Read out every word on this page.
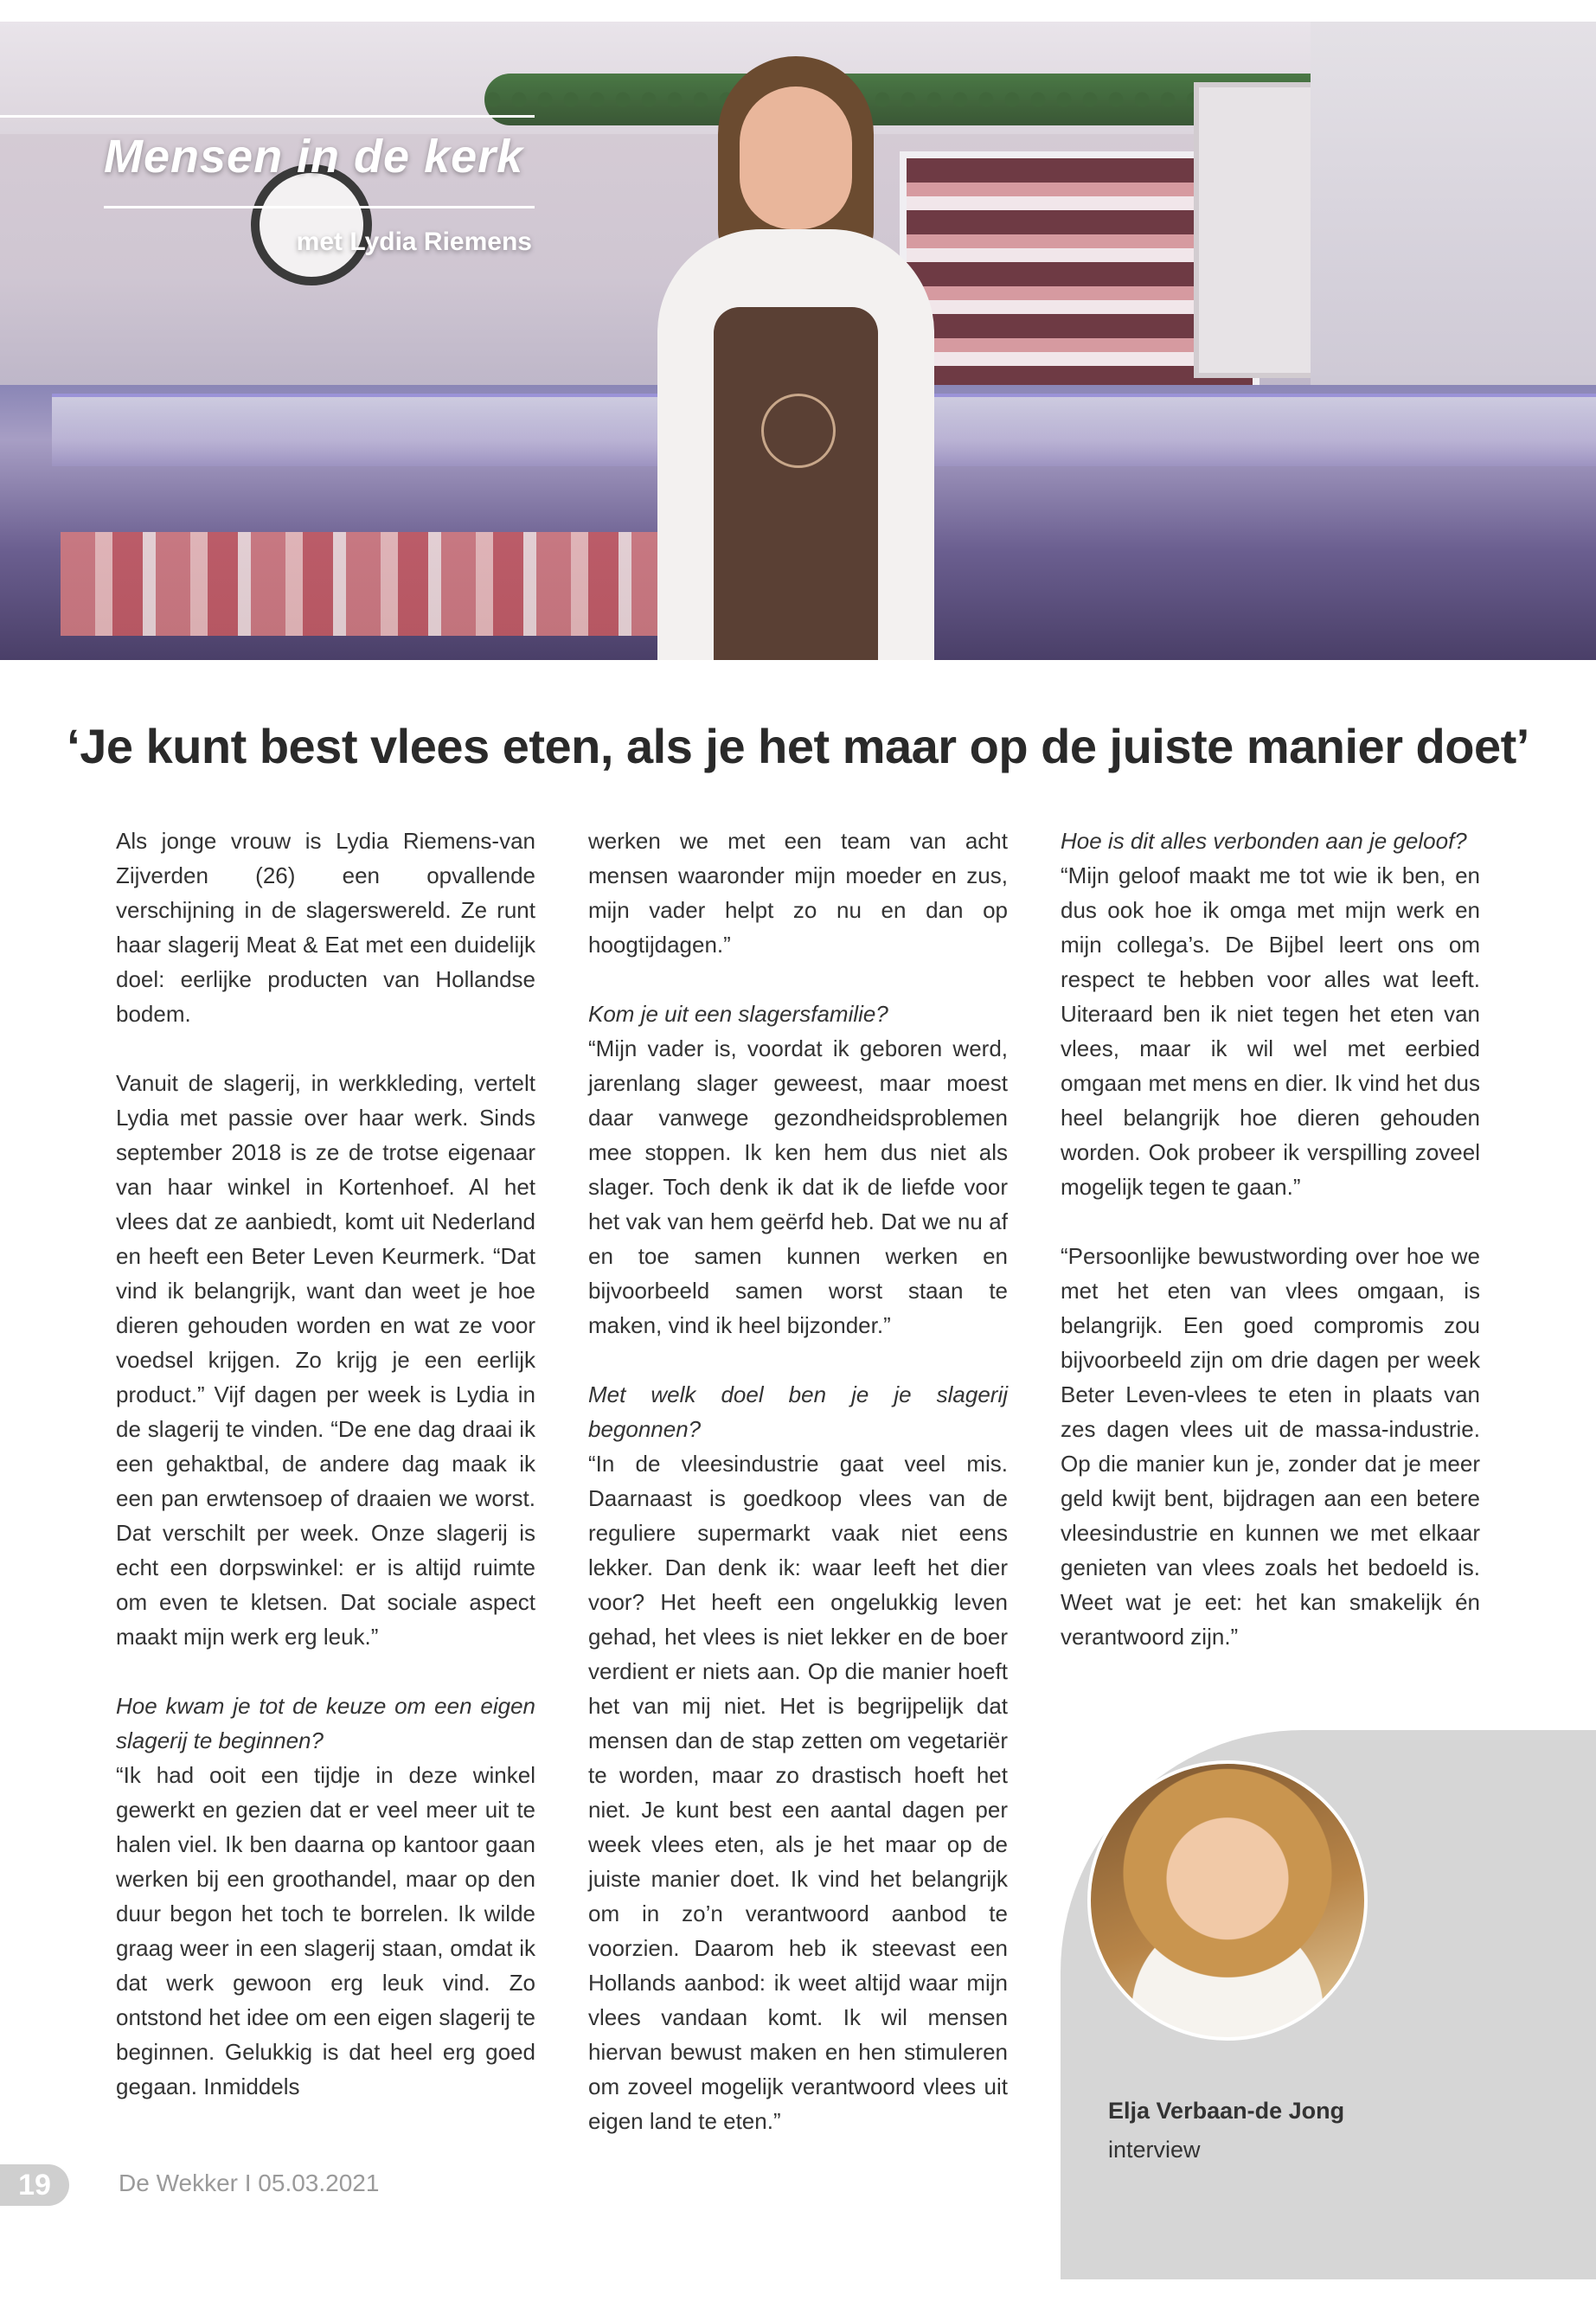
Mensen in de kerk
met Lydia Riemens
‘Je kunt best vlees eten, als je het maar op de juiste manier doet’

Als jonge vrouw is Lydia Riemens-van Zijverden (26) een opvallende verschijning in de slagerswereld. Ze runt haar slagerij Meat & Eat met een duidelijk doel: eerlijke producten van Hollandse bodem.

Vanuit de slagerij, in werkkleding, vertelt Lydia met passie over haar werk. Sinds september 2018 is ze de trotse eigenaar van haar winkel in Kortenhoef. Al het vlees dat ze aanbiedt, komt uit Nederland en heeft een Beter Leven Keurmerk. “Dat vind ik belangrijk, want dan weet je hoe dieren gehouden worden en wat ze voor voedsel krijgen. Zo krijg je een eerlijk product.” Vijf dagen per week is Lydia in de slagerij te vinden. “De ene dag draai ik een gehaktbal, de andere dag maak ik een pan erwtensoep of draaien we worst. Dat verschilt per week. Onze slagerij is echt een dorpswinkel: er is altijd ruimte om even te kletsen. Dat sociale aspect maakt mijn werk erg leuk.”

Hoe kwam je tot de keuze om een eigen slagerij te beginnen?

“Ik had ooit een tijdje in deze winkel gewerkt en gezien dat er veel meer uit te halen viel. Ik ben daarna op kantoor gaan werken bij een groothandel, maar op den duur begon het toch te borrelen. Ik wilde graag weer in een slagerij staan, omdat ik dat werk gewoon erg leuk vind. Zo ontstond het idee om een eigen slagerij te beginnen. Gelukkig is dat heel erg goed gegaan. Inmiddels

werken we met een team van acht mensen waaronder mijn moeder en zus, mijn vader helpt zo nu en dan op hoogtijdagen.”

Kom je uit een slagersfamilie?

“Mijn vader is, voordat ik geboren werd, jarenlang slager geweest, maar moest daar vanwege gezondheidsproblemen mee stoppen. Ik ken hem dus niet als slager. Toch denk ik dat ik de liefde voor het vak van hem geërfd heb. Dat we nu af en toe samen kunnen werken en bijvoorbeeld samen worst staan te maken, vind ik heel bijzonder.”

Met welk doel ben je je slagerij begonnen?

“In de vleesindustrie gaat veel mis. Daarnaast is goedkoop vlees van de reguliere supermarkt vaak niet eens lekker. Dan denk ik: waar leeft het dier voor? Het heeft een ongelukkig leven gehad, het vlees is niet lekker en de boer verdient er niets aan. Op die manier hoeft het van mij niet. Het is begrijpelijk dat mensen dan de stap zetten om vegetariër te worden, maar zo drastisch hoeft het niet. Je kunt best een aantal dagen per week vlees eten, als je het maar op de juiste manier doet. Ik vind het belangrijk om in zo’n verantwoord aanbod te voorzien. Daarom heb ik steevast een Hollands aanbod: ik weet altijd waar mijn vlees vandaan komt. Ik wil mensen hiervan bewust maken en hen stimuleren om zoveel mogelijk verantwoord vlees uit eigen land te eten.”

Hoe is dit alles verbonden aan je geloof?

“Mijn geloof maakt me tot wie ik ben, en dus ook hoe ik omga met mijn werk en mijn collega’s. De Bijbel leert ons om respect te hebben voor alles wat leeft. Uiteraard ben ik niet tegen het eten van vlees, maar ik wil wel met eerbied omgaan met mens en dier. Ik vind het dus heel belangrijk hoe dieren gehouden worden. Ook probeer ik verspilling zoveel mogelijk tegen te gaan.”

“Persoonlijke bewustwording over hoe we met het eten van vlees omgaan, is belangrijk. Een goed compromis zou bijvoorbeeld zijn om drie dagen per week Beter Leven-vlees te eten in plaats van zes dagen vlees uit de massa-industrie. Op die manier kun je, zonder dat je meer geld kwijt bent, bijdragen aan een betere vleesindustrie en kunnen we met elkaar genieten van vlees zoals het bedoeld is. Weet wat je eet: het kan smakelijk én verantwoord zijn.”

Elja Verbaan-de Jong

interview

19	De Wekker I 05.03.2021
